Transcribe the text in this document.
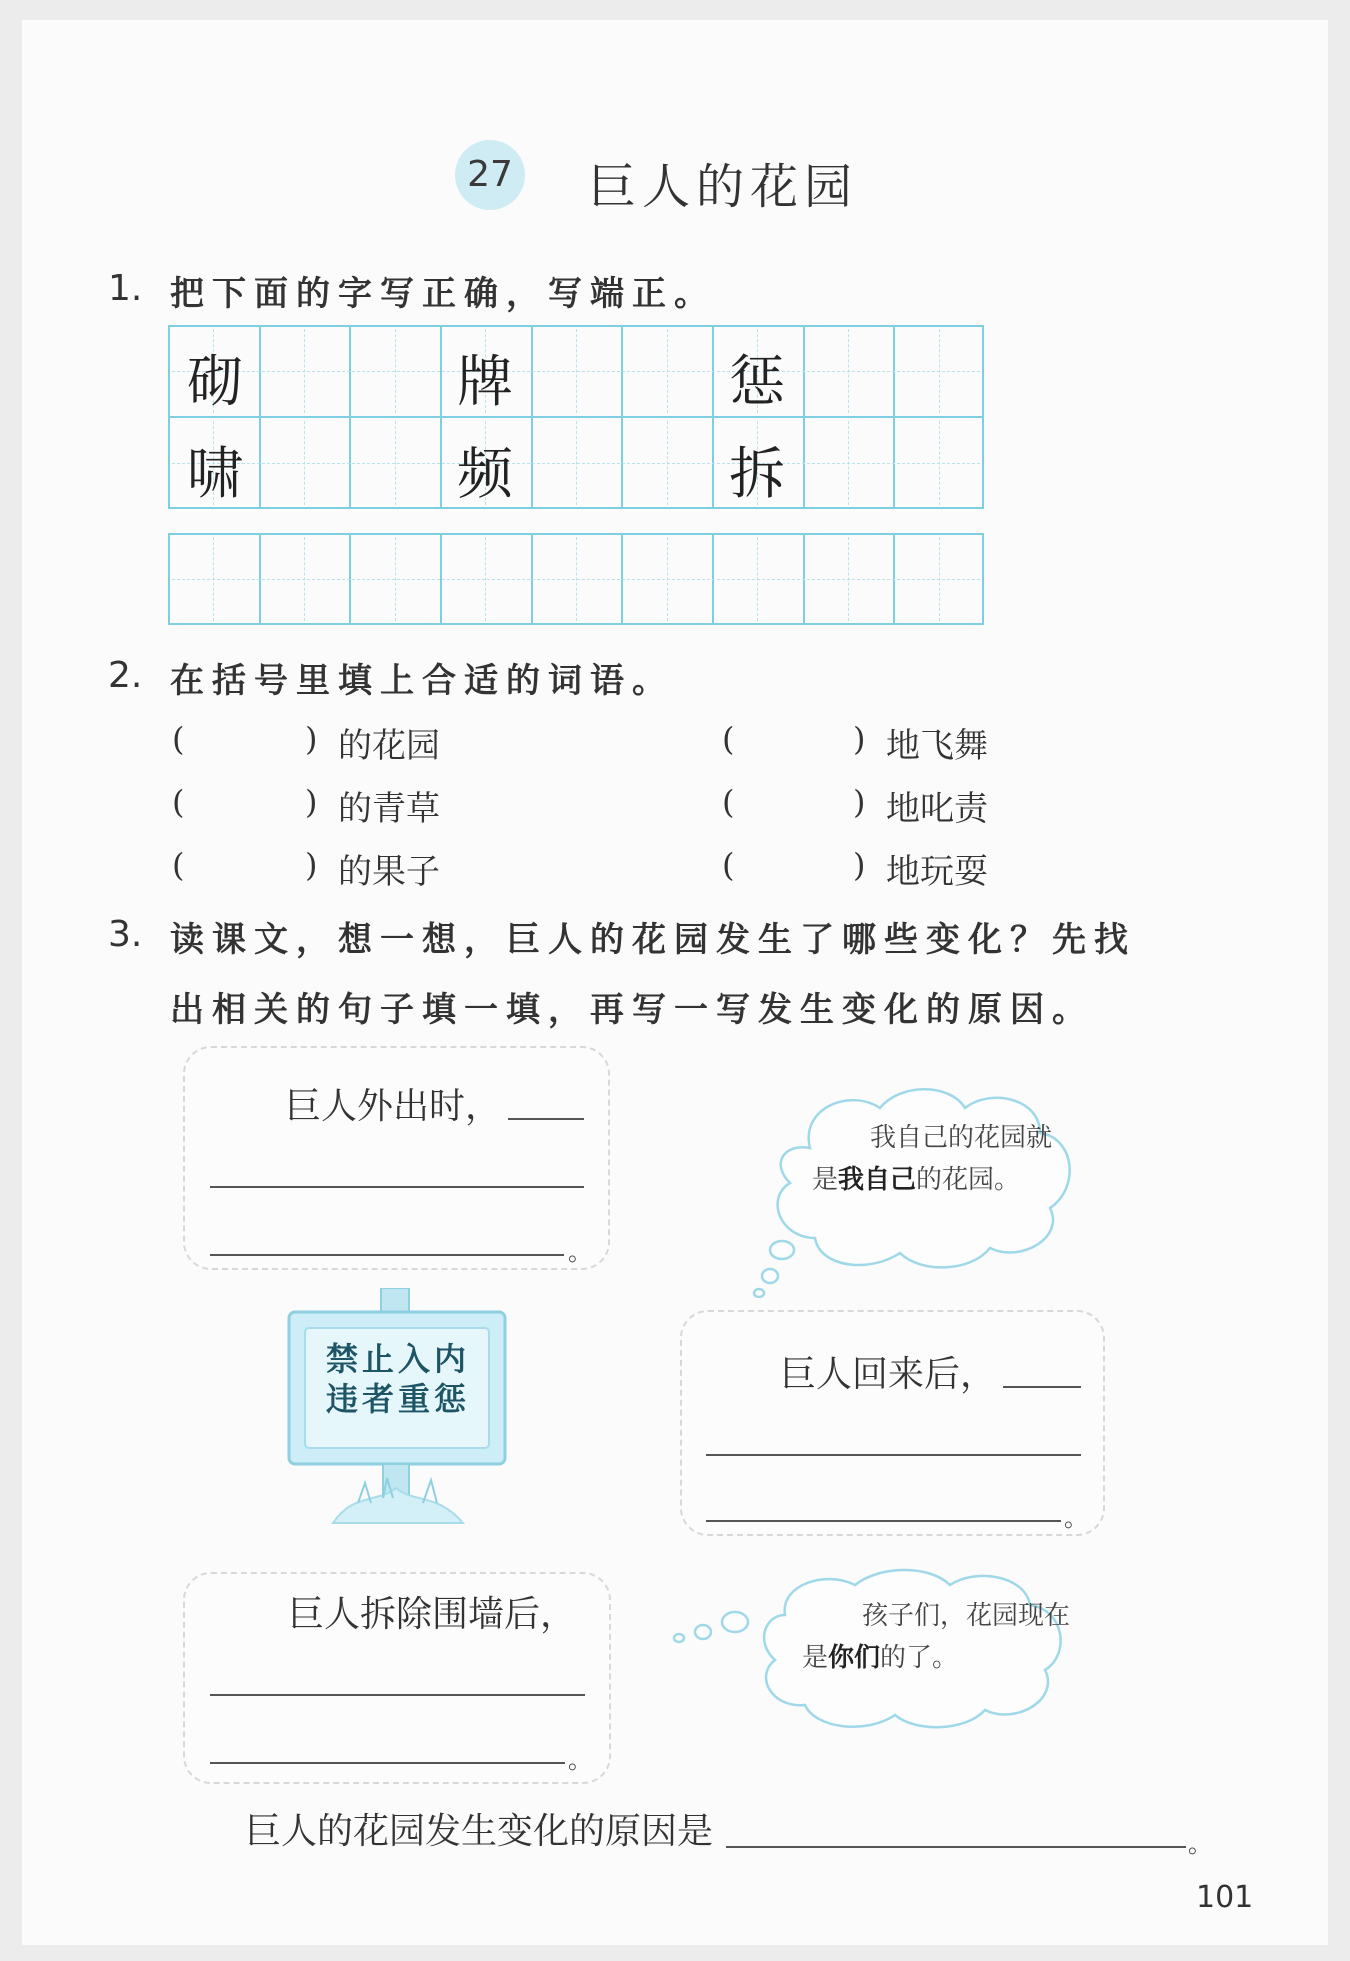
27 巨人的花园
1. 把下面的字写正确，写端正。
砌	牌	惩
啸	频	拆
2. 在括号里填上合适的词语。
(	) 的花园	(	) 地飞舞
(	) 的青草	(	) 地叱责
(	) 的果子	(	) 地玩耍
3. 读课文，想一想，巨人的花园发生了哪些变化？先找
出相关的句子填一填，再写一写发生变化的原因。
巨人外出时，
。
我自己的花园就
是我自己的花园。
禁止入内
违者重惩
巨人回来后，
。
巨人拆除围墙后，
。
孩子们，花园现在
是你们的了。
巨人的花园发生变化的原因是	。
101
